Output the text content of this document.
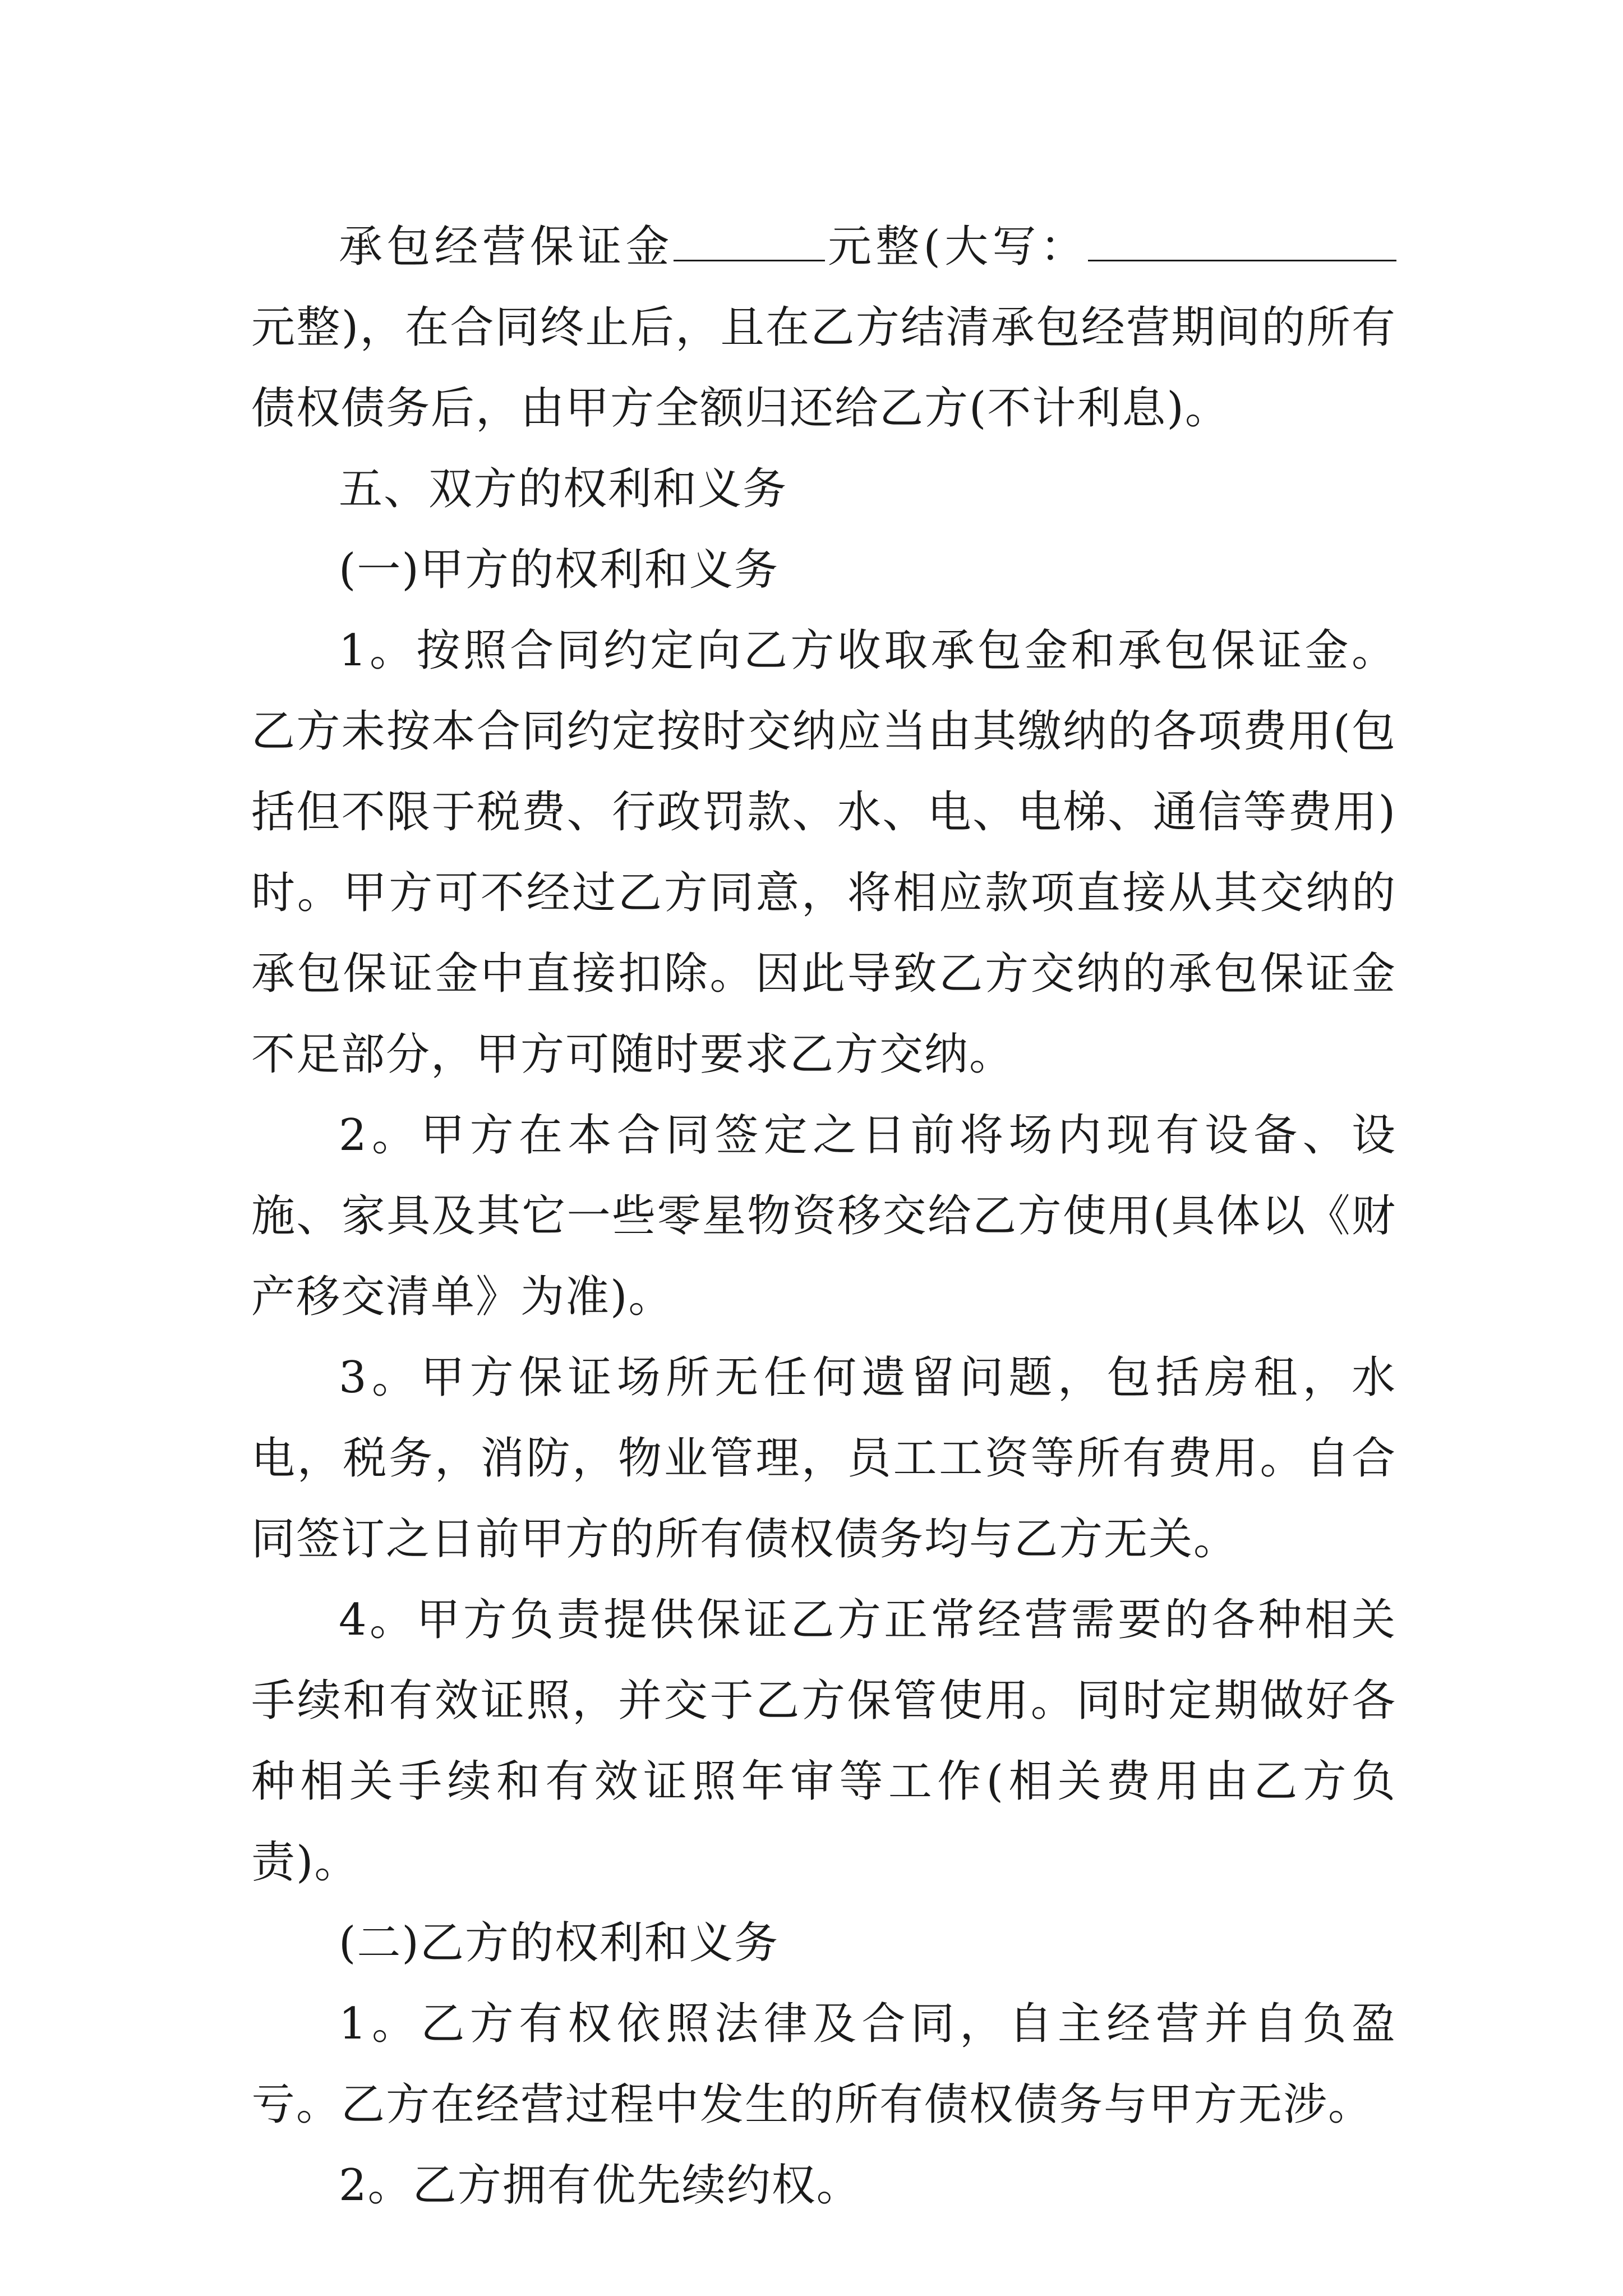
承包经营保证金	元整(大写：元整)，在合同终止后，且在乙方结清承包经营期间的所有债权债务后，由甲方全额归还给乙方(不计利息)。

五、双方的权利和义务

(一)甲方的权利和义务

1。按照合同约定向乙方收取承包金和承包保证金。乙方未按本合同约定按时交纳应当由其缴纳的各项费用(包括但不限于税费、行政罚款、水、电、电梯、通信等费用)时。甲方可不经过乙方同意，将相应款项直接从其交纳的承包保证金中直接扣除。因此导致乙方交纳的承包保证金不足部分，甲方可随时要求乙方交纳。

2。甲方在本合同签定之日前将场内现有设备、设施、家具及其它一些零星物资移交给乙方使用(具体以《财产移交清单》为准)。

3。甲方保证场所无任何遗留问题，包括房租，水电，税务，消防，物业管理，员工工资等所有费用。自合同签订之日前甲方的所有债权债务均与乙方无关。

4。甲方负责提供保证乙方正常经营需要的各种相关手续和有效证照，并交于乙方保管使用。同时定期做好各种相关手续和有效证照年审等工作(相关费用由乙方负责)。

(二)乙方的权利和义务

1。乙方有权依照法律及合同，自主经营并自负盈亏。乙方在经营过程中发生的所有债权债务与甲方无涉。

2。乙方拥有优先续约权。
